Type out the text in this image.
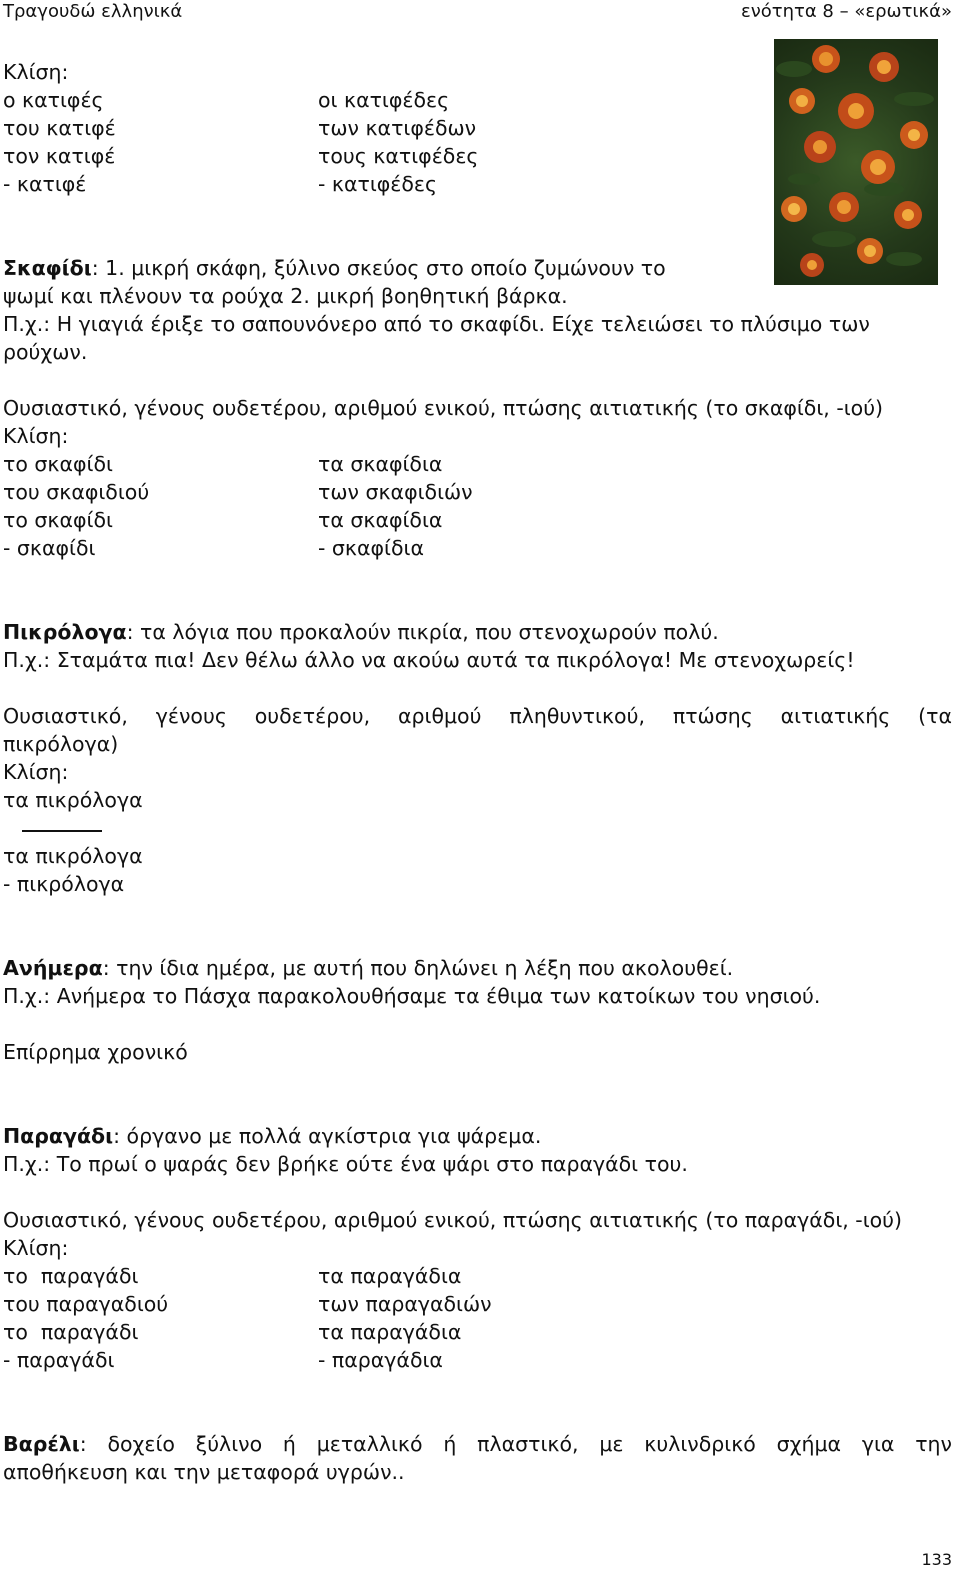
Τραγουδώ ελληνικά	ενότητα 8 – «ερωτικά»
Κλίση:
ο κατιφές	οι κατιφέδες
του κατιφέ	των κατιφέδων
τον κατιφέ	τους κατιφέδες
- κατιφέ	- κατιφέδες
Σκαφίδι: 1. μικρή σκάφη, ξύλινο σκεύος στο οποίο ζυμώνουν το
ψωμί και πλένουν τα ρούχα 2. μικρή βοηθητική βάρκα.
Π.χ.: Η γιαγιά έριξε το σαπουνόνερο από το σκαφίδι. Είχε τελειώσει το πλύσιμο των
ρούχων.
Ουσιαστικό, γένους ουδετέρου, αριθμού ενικού, πτώσης αιτιατικής (το σκαφίδι, -ιού)
Κλίση:
το σκαφίδι	τα σκαφίδια
του σκαφιδιού	των σκαφιδιών
το σκαφίδι	τα σκαφίδια
- σκαφίδι	- σκαφίδια
Πικρόλογα: τα λόγια που προκαλούν πικρία, που στενοχωρούν πολύ.
Π.χ.: Σταμάτα πια! Δεν θέλω άλλο να ακούω αυτά τα πικρόλογα! Με στενοχωρείς!
Ουσιαστικό, γένους ουδετέρου, αριθμού πληθυντικού, πτώσης αιτιατικής (τα
πικρόλογα)
Κλίση:
τα πικρόλογα
τα πικρόλογα
- πικρόλογα
Ανήμερα: την ίδια ημέρα, με αυτή που δηλώνει η λέξη που ακολουθεί.
Π.χ.: Ανήμερα το Πάσχα παρακολουθήσαμε τα έθιμα των κατοίκων του νησιού.
Επίρρημα χρονικό
Παραγάδι: όργανο με πολλά αγκίστρια για ψάρεμα.
Π.χ.: Το πρωί ο ψαράς δεν βρήκε ούτε ένα ψάρι στο παραγάδι του.
Ουσιαστικό, γένους ουδετέρου, αριθμού ενικού, πτώσης αιτιατικής (το παραγάδι, -ιού)
Κλίση:
το  παραγάδι	τα παραγάδια
του παραγαδιού	των παραγαδιών
το  παραγάδι	τα παραγάδια
- παραγάδι	- παραγάδια
Βαρέλι: δοχείο ξύλινο ή μεταλλικό ή πλαστικό, με κυλινδρικό σχήμα για την
αποθήκευση και την μεταφορά υγρών..
133
